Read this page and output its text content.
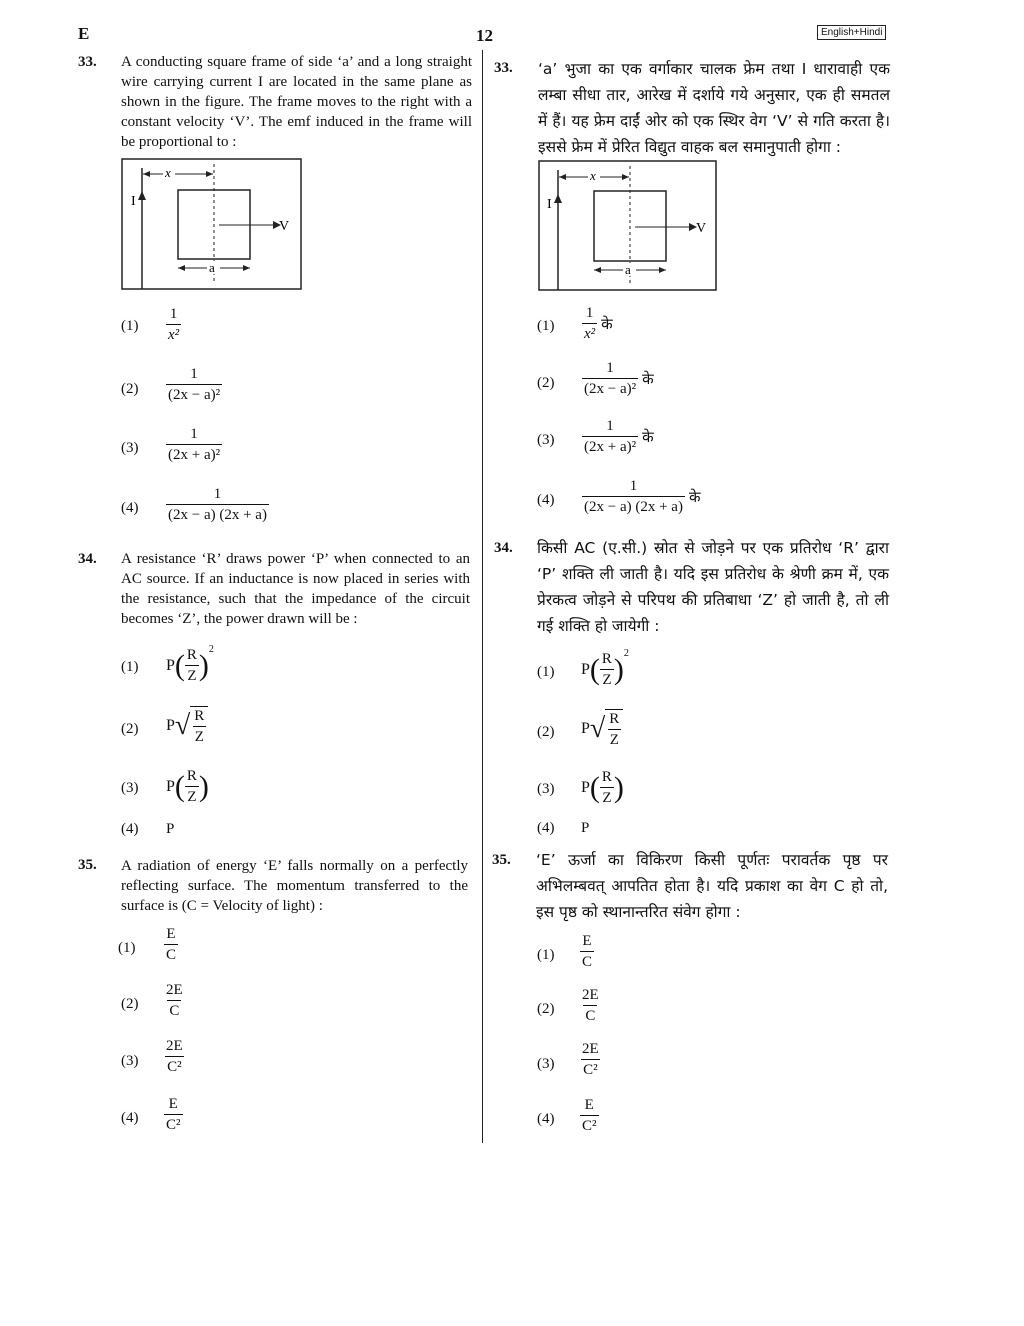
E	12	English+Hindi
33. A conducting square frame of side ‘a’ and a long straight wire carrying current I are located in the same plane as shown in the figure. The frame moves to the right with a constant velocity ‘V’. The emf induced in the frame will be proportional to :
I
x
V
a
$(1) \frac{1}{\text{x²}}$
$(2) \frac{1}{\text{(2x − a)²}}$
$(3) \frac{1}{\text{(2x + a)²}}$
$(4) \frac{1}{(2x - a) (2x + a)}$
34. A resistance ‘R’ draws power ‘P’ when connected to an AC source. If an inductance is now placed in series with the resistance, such that the impedance of the circuit becomes ‘Z’, the power drawn will be :
(1) P ( $\frac{R}{Z}$ ) 2
(2) P √ $\frac{R}{Z}$
(3) P ( $\frac{R}{Z}$ )
(4) P
35. A radiation of energy ‘E’ falls normally on a perfectly reflecting surface. The momentum transferred to the surface is (C = Velocity of light) :
$(1) \frac{E}{C}$
$(2) \frac{2E}{C}$
$(3) \frac{2E}{\text{C²}}$
$(4) \frac{E}{\text{C²}}$
33. ‘a’ भुजा का एक वर्गाकार चालक फ्रेम तथा I धारावाही एक लम्बा सीधा तार, आरेख में दर्शाये गये अनुसार, एक ही समतल में हैं। यह फ्रेम दाईं ओर को एक स्थिर वेग ‘V’ से गति करता है। इससे फ्रेम में प्रेरित विद्युत वाहक बल समानुपाती होगा :
I
x
V
a
$(1) \frac{1}{\text{x²}}$ के
$(2) \frac{1}{\text{(2x − a)²}}$ के
$(3) \frac{1}{\text{(2x + a)²}}$ के
$(4) \frac{1}{(2x - a) (2x + a)}$ के
34. किसी AC (ए.सी.) स्रोत से जोड़ने पर एक प्रतिरोध ‘R’ द्वारा ‘P’ शक्ति ली जाती है। यदि इस प्रतिरोध के श्रेणी क्रम में, एक प्रेरकत्व जोड़ने से परिपथ की प्रतिबाधा ‘Z’ हो जाती है, तो ली गई शक्ति हो जायेगी :
(1) P ( $\frac{R}{Z}$ ) 2
(2) P √ $\frac{R}{Z}$
(3) P ( $\frac{R}{Z}$ )
(4) P
35. ‘E’ ऊर्जा का विकिरण किसी पूर्णतः परावर्तक पृष्ठ पर अभिलम्बवत् आपतित होता है। यदि प्रकाश का वेग C हो तो, इस पृष्ठ को स्थानान्तरित संवेग होगा :
$(1) \frac{E}{C}$
$(2) \frac{2E}{C}$
$(3) \frac{2E}{\text{C²}}$
$(4) \frac{E}{\text{C²}}$
